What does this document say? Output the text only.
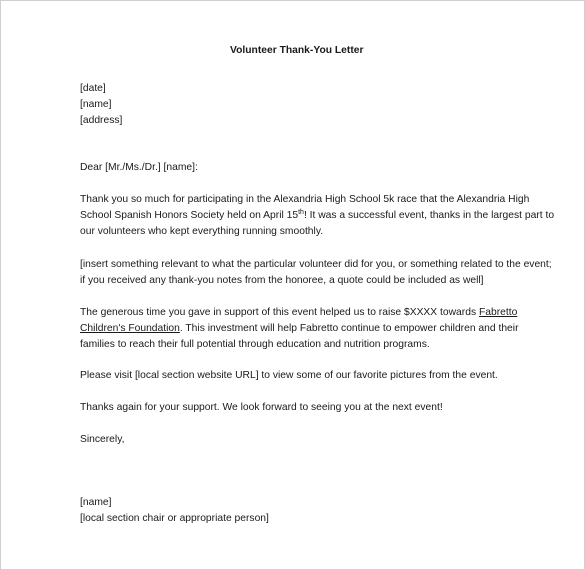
Volunteer Thank-You Letter
[date]
[name]
[address]
Dear [Mr./Ms./Dr.] [name]:
Thank you so much for participating in the Alexandria High School 5k race that the Alexandria High
School Spanish Honors Society held on April 15th! It was a successful event, thanks in the largest part to
our volunteers who kept everything running smoothly.
[insert something relevant to what the particular volunteer did for you, or something related to the event;
if you received any thank-you notes from the honoree, a quote could be included as well]
The generous time you gave in support of this event helped us to raise $XXXX towards Fabretto
Children's Foundation. This investment will help Fabretto continue to empower children and their
families to reach their full potential through education and nutrition programs.
Please visit [local section website URL] to view some of our favorite pictures from the event.
Thanks again for your support. We look forward to seeing you at the next event!
Sincerely,
[name]
[local section chair or appropriate person]
